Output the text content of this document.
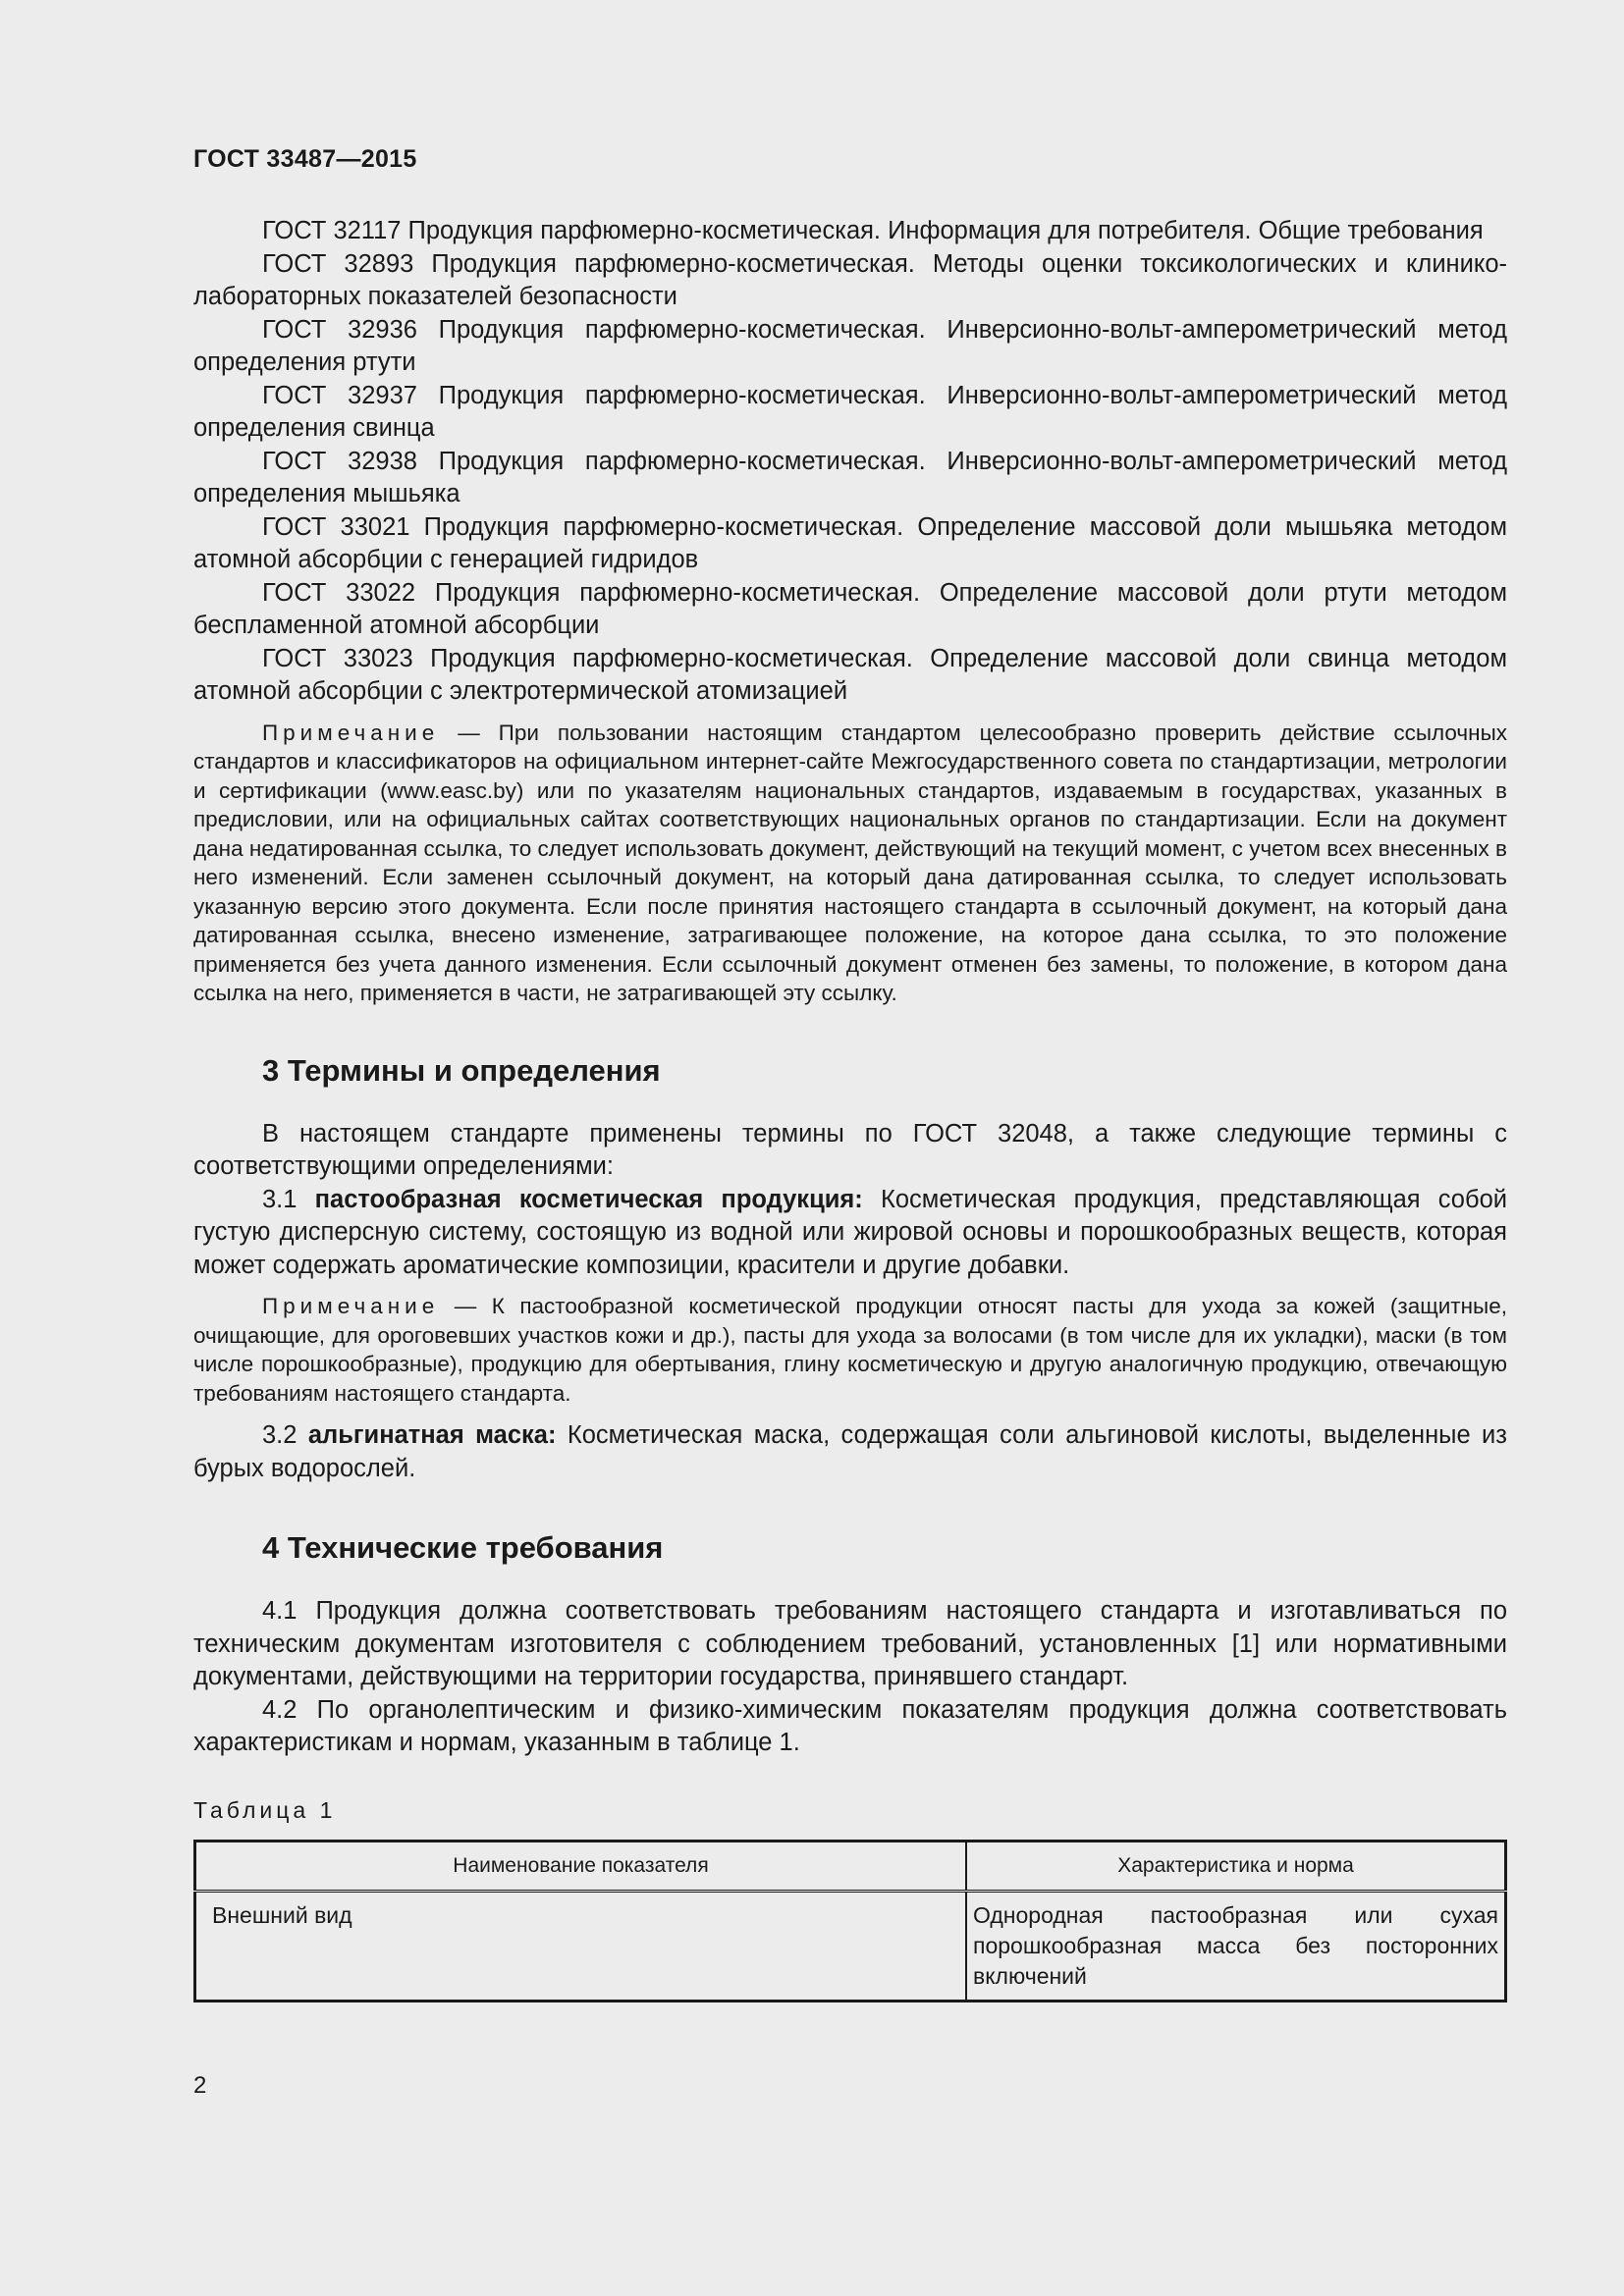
ГОСТ 33487—2015

ГОСТ 32117 Продукция парфюмерно-косметическая. Информация для потребителя. Общие требования

ГОСТ 32893 Продукция парфюмерно-косметическая. Методы оценки токсикологических и клинико-лабораторных показателей безопасности

ГОСТ 32936 Продукция парфюмерно-косметическая. Инверсионно-вольт-амперометрический метод определения ртути

ГОСТ 32937 Продукция парфюмерно-косметическая. Инверсионно-вольт-амперометрический метод определения свинца

ГОСТ 32938 Продукция парфюмерно-косметическая. Инверсионно-вольт-амперометрический метод определения мышьяка

ГОСТ 33021 Продукция парфюмерно-косметическая. Определение массовой доли мышьяка методом атомной абсорбции с генерацией гидридов

ГОСТ 33022 Продукция парфюмерно-косметическая. Определение массовой доли ртути методом беспламенной атомной абсорбции

ГОСТ 33023 Продукция парфюмерно-косметическая. Определение массовой доли свинца методом атомной абсорбции с электротермической атомизацией

Примечание — При пользовании настоящим стандартом целесообразно проверить действие ссылочных стандартов и классификаторов на официальном интернет-сайте Межгосударственного совета по стандартизации, метрологии и сертификации (www.easc.by) или по указателям национальных стандартов, издаваемым в государствах, указанных в предисловии, или на официальных сайтах соответствующих национальных органов по стандартизации. Если на документ дана недатированная ссылка, то следует использовать документ, действующий на текущий момент, с учетом всех внесенных в него изменений. Если заменен ссылочный документ, на который дана датированная ссылка, то следует использовать указанную версию этого документа. Если после принятия настоящего стандарта в ссылочный документ, на который дана датированная ссылка, внесено изменение, затрагивающее положение, на которое дана ссылка, то это положение применяется без учета данного изменения. Если ссылочный документ отменен без замены, то положение, в котором дана ссылка на него, применяется в части, не затрагивающей эту ссылку.

3 Термины и определения

В настоящем стандарте применены термины по ГОСТ 32048, а также следующие термины с соответствующими определениями:

3.1 пастообразная косметическая продукция: Косметическая продукция, представляющая собой густую дисперсную систему, состоящую из водной или жировой основы и порошкообразных веществ, которая может содержать ароматические композиции, красители и другие добавки.

Примечание — К пастообразной косметической продукции относят пасты для ухода за кожей (защитные, очищающие, для ороговевших участков кожи и др.), пасты для ухода за волосами (в том числе для их укладки), маски (в том числе порошкообразные), продукцию для обертывания, глину косметическую и другую аналогичную продукцию, отвечающую требованиям настоящего стандарта.

3.2 альгинатная маска: Косметическая маска, содержащая соли альгиновой кислоты, выделенные из бурых водорослей.

4 Технические требования

4.1 Продукция должна соответствовать требованиям настоящего стандарта и изготавливаться по техническим документам изготовителя с соблюдением требований, установленных [1] или нормативными документами, действующими на территории государства, принявшего стандарт.

4.2 По органолептическим и физико-химическим показателям продукция должна соответствовать характеристикам и нормам, указанным в таблице 1.

Таблица 1
Наименование показателя	Характеристика и норма
Внешний вид	Однородная пастообразная или сухая порошкообразная масса без посторонних включений
2
